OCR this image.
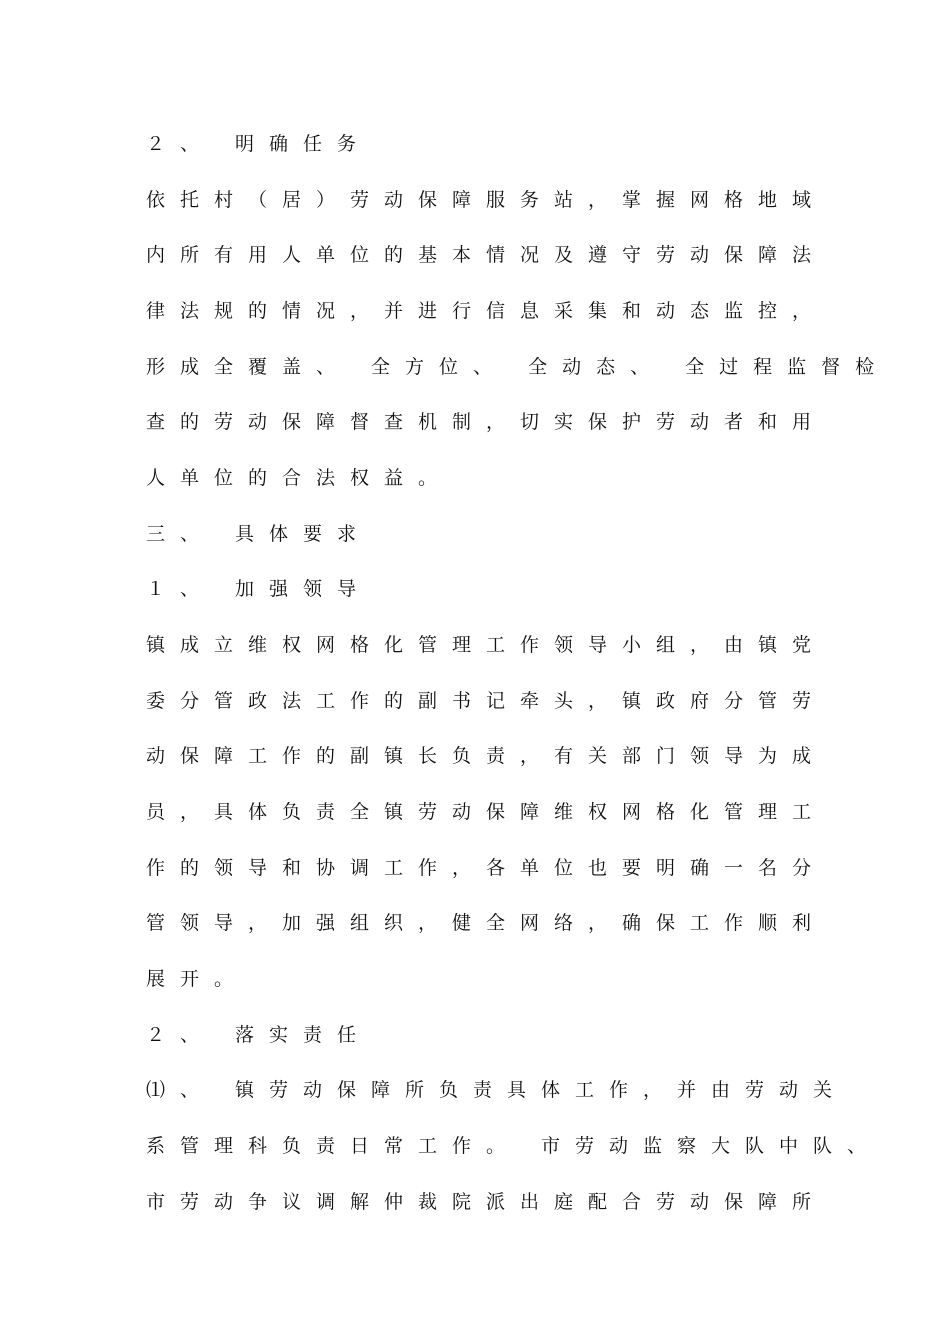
２、 明确任务
依托村（居）劳动保障服务站，掌握网格地域
内所有用人单位的基本情况及遵守劳动保障法
律法规的情况，并进行信息采集和动态监控，
形成全覆盖、 全方位、 全动态、 全过程监督检
查的劳动保障督查机制，切实保护劳动者和用
人单位的合法权益。
三、 具体要求
１、 加强领导
镇成立维权网格化管理工作领导小组，由镇党
委分管政法工作的副书记牵头，镇政府分管劳
动保障工作的副镇长负责，有关部门领导为成
员，具体负责全镇劳动保障维权网格化管理工
作的领导和协调工作，各单位也要明确一名分
管领导，加强组织，健全网络，确保工作顺利
展开。
２、 落实责任
⑴、 镇劳动保障所负责具体工作，并由劳动关
系管理科负责日常工作。 市劳动监察大队中队、
市劳动争议调解仲裁院派出庭配合劳动保障所
